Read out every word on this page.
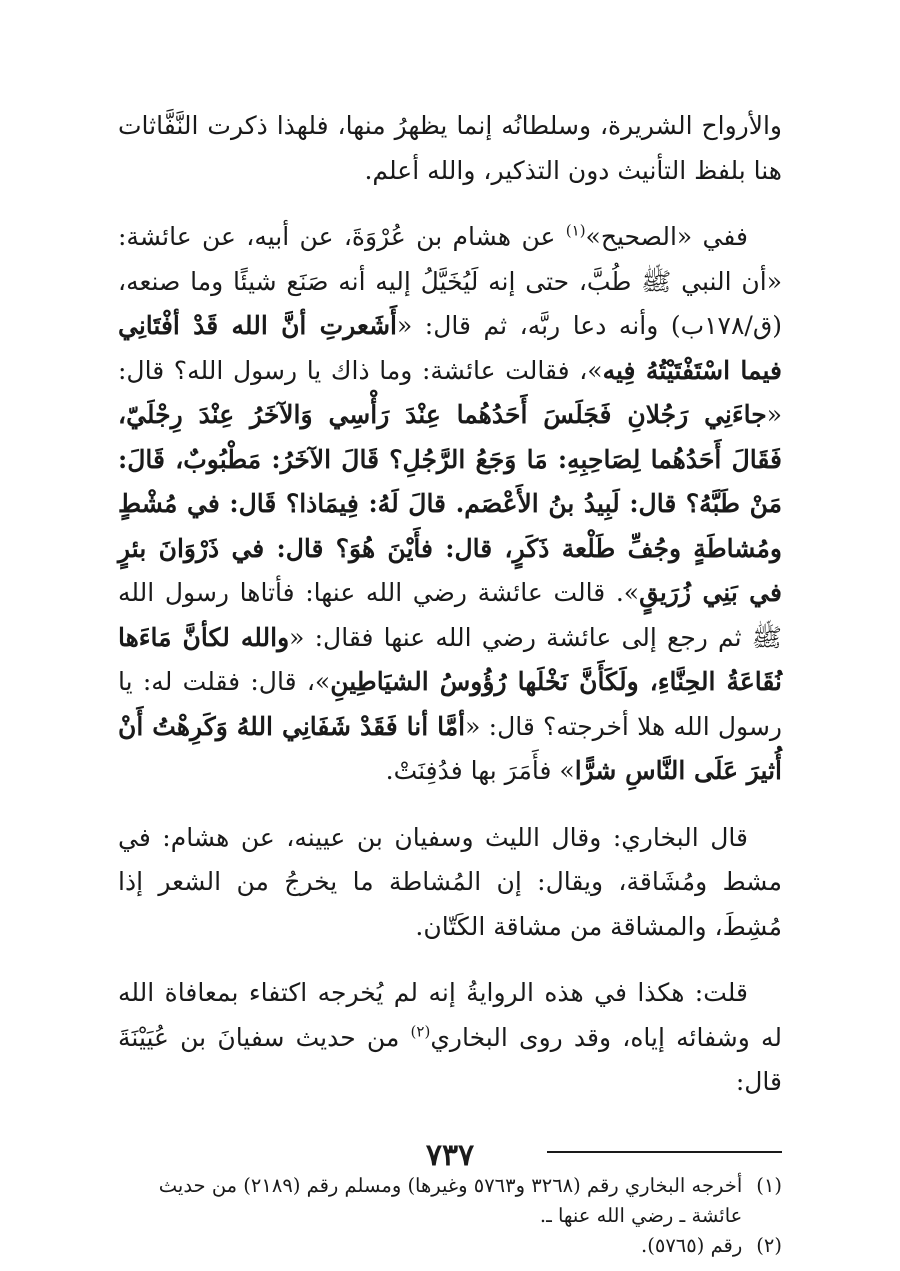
والأرواح الشريرة، وسلطانُه إنما يظهرُ منها، فلهذا ذكرت النَّفَّاثات هنا بلفظ التأنيث دون التذكير، والله أعلم.

ففي «الصحيح»$^{(١)}$ عن هشام بن عُرْوَةَ، عن أبيه، عن عائشة: «أن النبي ﷺ طُبَّ، حتى إنه لَيُخَيَّلُ إليه أنه صَنَع شيئًا وما صنعه، (ق/١٧٨ب) وأنه دعا ربَّه، ثم قال: «أَشَعرتِ أنَّ الله قَدْ أفْتَانِي فيما اسْتَفْتَيْتُهُ فِيه»، فقالت عائشة: وما ذاك يا رسول الله؟ قال: «جاءَنِي رَجُلانِ فَجَلَسَ أَحَدُهُما عِنْدَ رَأْسِي وَالآخَرُ عِنْدَ رِجْلَيّ، فَقَالَ أَحَدُهُما لِصَاحِبِهِ: مَا وَجَعُ الرَّجُلِ؟ قَالَ الآخَرُ: مَطْبُوبٌ، قَالَ: مَنْ طَبَّهُ؟ قال: لَبِيدُ بنُ الأَعْصَم. قالَ لَهُ: فِيمَاذا؟ قَال: في مُشْطٍ ومُشاطَةٍ وجُفِّ طَلْعة ذَكَرٍ، قال: فأَيْنَ هُوَ؟ قال: في ذَرْوَانَ بئرٍ في بَنِي زُرَيقٍ». قالت عائشة رضي الله عنها: فأتاها رسول الله ﷺ ثم رجع إلى عائشة رضي الله عنها فقال: «والله لكأنَّ مَاءَها نُقَاعَةُ الحِنَّاءِ، ولَكَأَنَّ نَخْلَها رُؤُوسُ الشيَاطِينِ»، قال: فقلت له: يا رسول الله هلا أخرجته؟ قال: «أمَّا أنا فَقَدْ شَفَانِي اللهُ وَكَرِهْتُ أَنْ أُثيرَ عَلَى النَّاسِ شرًّا» فأَمَرَ بها فدُفِنَتْ.

قال البخاري: وقال الليث وسفيان بن عيينه، عن هشام: في مشط ومُشَاقة، ويقال: إن المُشاطة ما يخرجُ من الشعر إذا مُشِطَ، والمشاقة من مشاقة الكَتّان.

قلت: هكذا في هذه الروايةُ إنه لم يُخرجه اكتفاء بمعافاة الله له وشفائه إياه، وقد روى البخاري$^{(٢)}$ من حديث سفيانَ بن عُيَيْنَةَ قال:

(١)
أخرجه البخاري رقم (٣٢٦٨ و٥٧٦٣ وغيرها) ومسلم رقم (٢١٨٩) من حديث عائشة ـ رضي الله عنها ـ.
(٢)
رقم (٥٧٦٥).
٧٣٧
